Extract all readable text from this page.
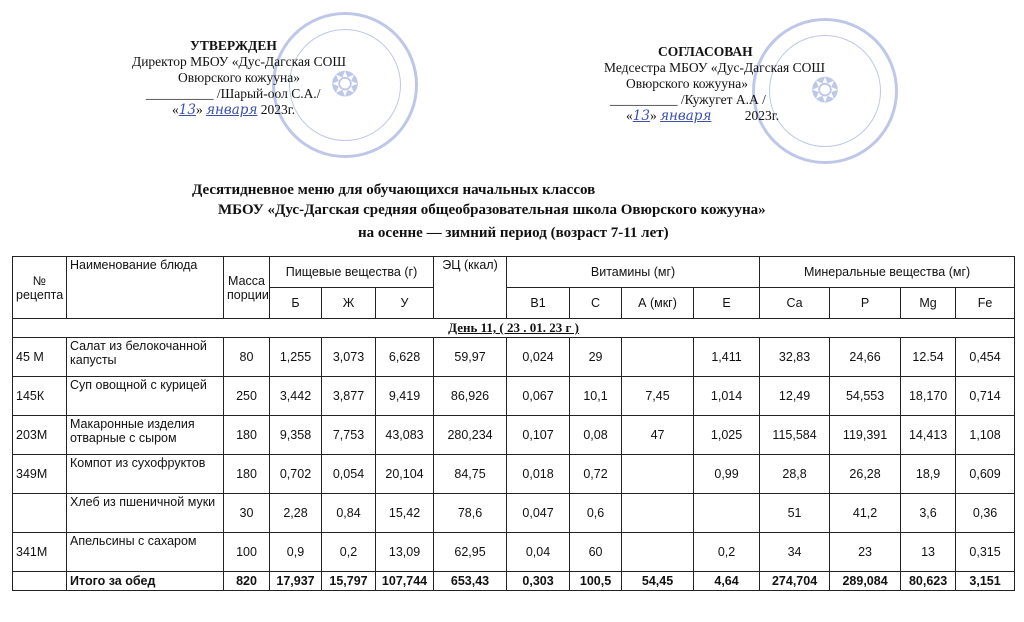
❂	❂
УТВЕРЖДЕН
Директор МБОУ «Дус-Дагская СОШ
Овюрского кожууна»
__________ /Шарый-оол С.А./
«13» января 2023г.
СОГЛАСОВАН
Медсестра МБОУ «Дус-Дагская СОШ
Овюрского кожууна»
__________ /Кужугет А.А /
«13» января 2023г.
Десятидневное меню для обучающихся начальных классов
МБОУ «Дус-Дагская средняя общеобразовательная школа Овюрского кожууна»
на осенне — зимний период (возраст 7-11 лет)
№ рецепта	Наименование блюда	Масса порции	Пищевые вещества (г)			ЭЦ (ккал)	Витамины (мг)				Минеральные вещества (мг)			
			Б	Ж	У		В1	С	А (мкг)	Е	Са	Р	Mg	Fe
День 11, ( 23 . 01. 23 г )														
45 М	Салат из белокочанной капусты	80	1,255	3,073	6,628	59,97	0,024	29		1,411	32,83	24,66	12.54	0,454
145К	Суп овощной с курицей	250	3,442	3,877	9,419	86,926	0,067	10,1	7,45	1,014	12,49	54,553	18,170	0,714
203М	Макаронные изделия отварные с сыром	180	9,358	7,753	43,083	280,234	0,107	0,08	47	1,025	115,584	119,391	14,413	1,108
349М	Компот из сухофруктов	180	0,702	0,054	20,104	84,75	0,018	0,72		0,99	28,8	26,28	18,9	0,609
	Хлеб из пшеничной муки	30	2,28	0,84	15,42	78,6	0,047	0,6			51	41,2	3,6	0,36
341М	Апельсины с сахаром	100	0,9	0,2	13,09	62,95	0,04	60		0,2	34	23	13	0,315
	Итого за обед	820	17,937	15,797	107,744	653,43	0,303	100,5	54,45	4,64	274,704	289,084	80,623	3,151
